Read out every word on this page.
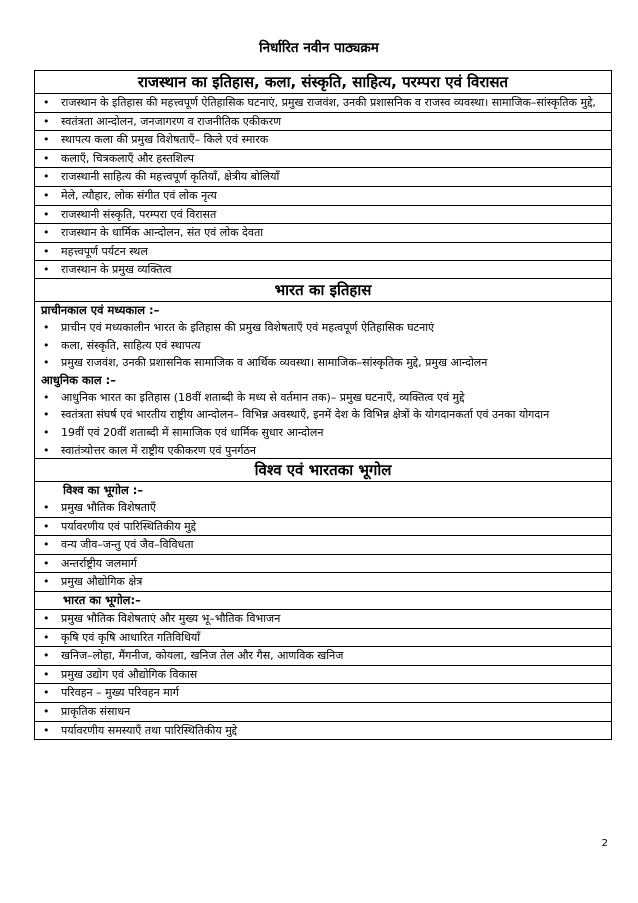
निर्धारित नवीन पाठ्यक्रम
राजस्थान का इतिहास, कला, संस्कृति, साहित्य, परम्परा एवं विरासत
• राजस्थान के इतिहास की महत्त्वपूर्ण ऐतिहासिक घटनाएं, प्रमुख राजवंश, उनकी प्रशासनिक व राजस्व व्यवस्था। सामाजिक–सांस्कृतिक मुद्दे,
• स्वतंत्रता आन्दोलन, जनजागरण व राजनीतिक एकीकरण
• स्थापत्य कला की प्रमुख विशेषताएँ– किले एवं स्मारक
• कलाएँ, चित्रकलाएँ और हस्तशिल्प
• राजस्थानी साहित्य की महत्त्वपूर्ण कृतियाँ, क्षेत्रीय बोलियाँ
• मेले, त्यौहार, लोक संगीत एवं लोक नृत्य
• राजस्थानी संस्कृति, परम्परा एवं विरासत
• राजस्थान के धार्मिक आन्दोलन, संत एवं लोक देवता
• महत्त्वपूर्ण पर्यटन स्थल
• राजस्थान के प्रमुख व्यक्तित्व
भारत का इतिहास
प्राचीनकाल एवं मध्यकाल :–
• प्राचीन एवं मध्यकालीन भारत के इतिहास की प्रमुख विशेषताएँ एवं महत्वपूर्ण ऐतिहासिक घटनाएं
• कला, संस्कृति, साहित्य एवं स्थापत्य
• प्रमुख राजवंश, उनकी प्रशासनिक सामाजिक व आर्थिक व्यवस्था। सामाजिक–सांस्कृतिक मुद्दे, प्रमुख आन्दोलन
आधुनिक काल :–
• आधुनिक भारत का इतिहास (18वीं शताब्दी के मध्य से वर्तमान तक)– प्रमुख घटनाएँ, व्यक्तित्व एवं मुद्दे
• स्वतंत्रता संघर्ष एवं भारतीय राष्ट्रीय आन्दोलन– विभिन्न अवस्थाएँ, इनमें देश के विभिन्न क्षेत्रों के योगदानकर्ता एवं उनका योगदान
• 19वीं एवं 20वीं शताब्दी में सामाजिक एवं धार्मिक सुधार आन्दोलन
• स्वातंत्र्योत्तर काल में राष्ट्रीय एकीकरण एवं पुनर्गठन
विश्व एवं भारतका भूगोल
विश्व का भूगोल :–
• प्रमुख भौतिक विशेषताएँ
• पर्यावरणीय एवं पारिस्थितिकीय मुद्दे
• वन्य जीव–जन्तु एवं जैव–विविधता
• अन्तर्राष्ट्रीय जलमार्ग
• प्रमुख औद्योगिक क्षेत्र
भारत का भूगोल:–
• प्रमुख भौतिक विशेषताएं और मुख्य भू–भौतिक विभाजन
• कृषि एवं कृषि आधारित गतिविधियाँ
• खनिज–लोहा, मैंगनीज, कोयला, खनिज तेल और गैस, आणविक खनिज
• प्रमुख उद्योग एवं औद्योगिक विकास
• परिवहन – मुख्य परिवहन मार्ग
• प्राकृतिक संसाधन
• पर्यावरणीय समस्याएँ तथा पारिस्थितिकीय मुद्दे
2
